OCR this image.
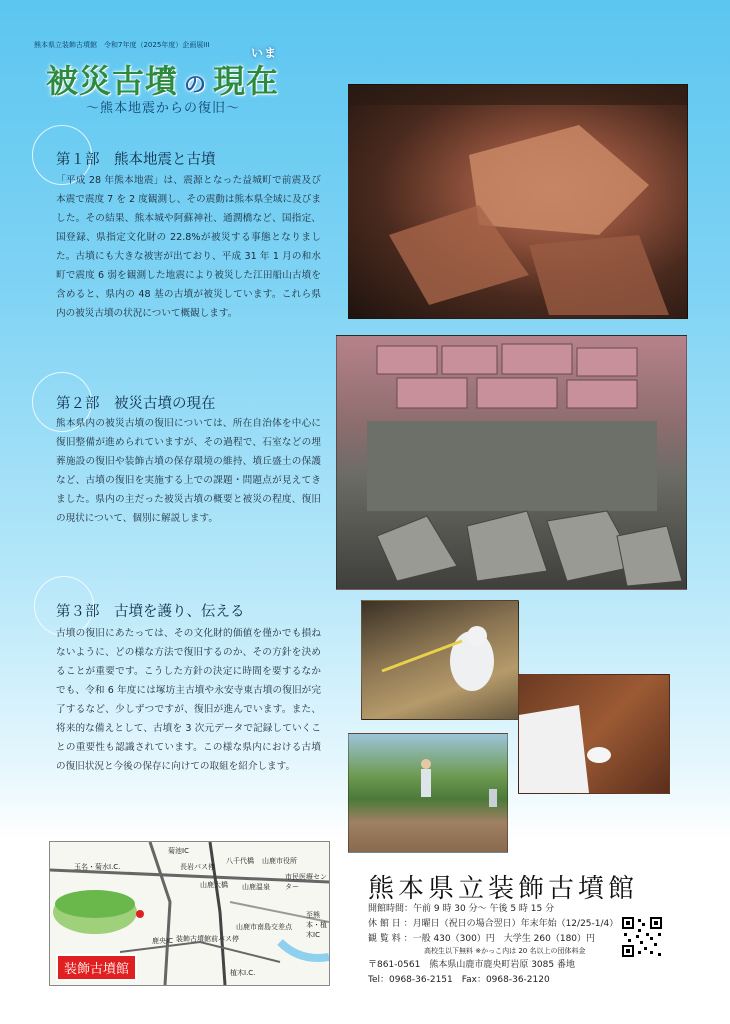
熊本県立装飾古墳館　令和7年度（2025年度）企画展III
被災古墳 の 現在
いま
〜熊本地震からの復旧〜
第１部　熊本地震と古墳
「平成 28 年熊本地震」は、震源となった益城町で前震及び本震で震度 7 を 2 度観測し、その震動は熊本県全域に及びました。その結果、熊本城や阿蘇神社、通潤橋など、国指定、国登録、県指定文化財の 22.8%が被災する事態となりました。古墳にも大きな被害が出ており、平成 31 年 1 月の和水町で震度 6 弱を観測した地震により被災した江田船山古墳を含めると、県内の 48 基の古墳が被災しています。これら県内の被災古墳の状況について概観します。
第２部　被災古墳の現在
熊本県内の被災古墳の復旧については、所在自治体を中心に復旧整備が進められていますが、その過程で、石室などの埋葬施設の復旧や装飾古墳の保存環境の維持、墳丘盛土の保護など、古墳の復旧を実施する上での課題・問題点が見えてきました。県内の主だった被災古墳の概要と被災の程度、復旧の現状について、個別に解説します。
第３部　古墳を護り、伝える
古墳の復旧にあたっては、その文化財的価値を僅かでも損ねないように、どの様な方法で復旧するのか、その方針を決めることが重要です。こうした方針の決定に時間を要するなかでも、令和 6 年度には塚坊主古墳や永安寺東古墳の復旧が完了するなど、少しずつですが、復旧が進んでいます。また、将来的な備えとして、古墳を 3 次元データで記録していくことの重要性も認識されています。この様な県内における古墳の復旧状況と今後の保存に向けての取組を紹介します。
装飾古墳館
菊池IC
玉名・菊水I.C.	長岩パス停
八千代橋 山鹿市役所
山鹿大橋 山鹿温泉
市民医療センター
装飾古墳館前バス停
山鹿市南島交差点
鹿央IC
植木I.C.
至熊本・植木IC
熊本県立装飾古墳館
開館時間：午前 9 時 30 分〜 午後 5 時 15 分
休 館 日 ：月曜日（祝日の場合翌日）年末年始（12/25-1/4）
観 覧 料 ：一般 430（300）円　大学生 260（180）円
高校生以下無料 ※かっこ内は 20 名以上の団体料金
〒861-0561　熊本県山鹿市鹿央町岩原 3085 番地
Tel：0968-36-2151　Fax：0968-36-2120
